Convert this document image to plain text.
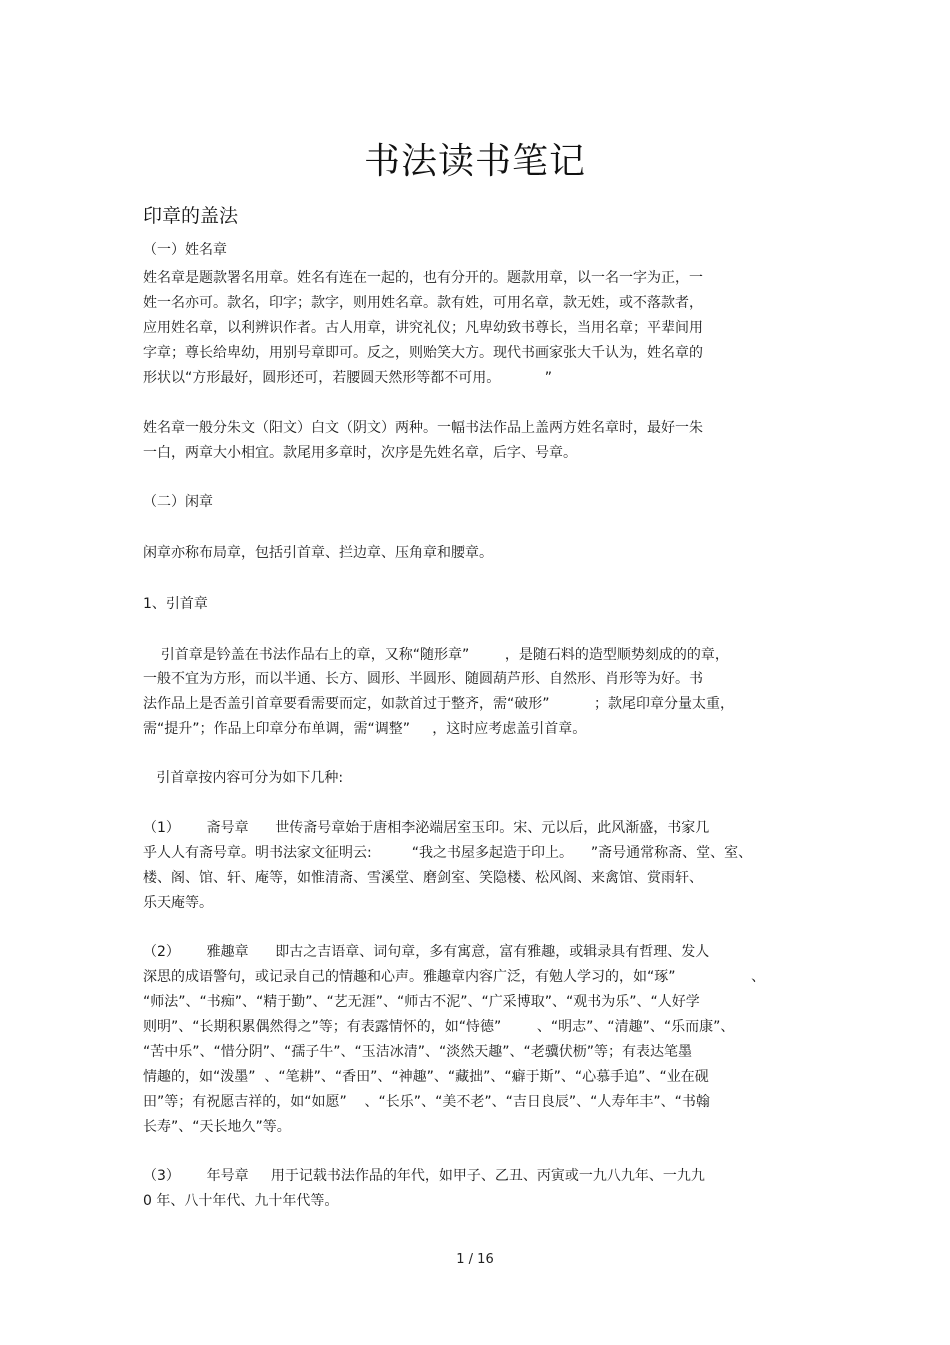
书法读书笔记
印章的盖法
（一）姓名章
姓名章是题款署名用章。姓名有连在一起的，也有分开的。题款用章，以一名一字为正，一
姓一名亦可。款名，印字；款字，则用姓名章。款有姓，可用名章，款无姓，或不落款者，
应用姓名章，以利辨识作者。古人用章，讲究礼仪；凡卑幼致书尊长，当用名章；平辈间用
字章；尊长给卑幼，用别号章即可。反之，则贻笑大方。现代书画家张大千认为，姓名章的
形状以“方形最好，圆形还可，若腰圆天然形等都不可用。          ”
姓名章一般分朱文（阳文）白文（阴文）两种。一幅书法作品上盖两方姓名章时，最好一朱
一白，两章大小相宜。款尾用多章时，次序是先姓名章，后字、号章。
（二）闲章
闲章亦称布局章，包括引首章、拦边章、压角章和腰章。
1、引首章
引首章是钤盖在书法作品右上的章，又称“随形章”        ，是随石料的造型顺势刻成的的章，
一般不宜为方形，而以半通、长方、圆形、半圆形、随圆葫芦形、自然形、肖形等为好。书
法作品上是否盖引首章要看需要而定，如款首过于整齐，需“破形”          ；款尾印章分量太重，
需“提升”；作品上印章分布单调，需“调整”     ，这时应考虑盖引首章。
引首章按内容可分为如下几种:
（1）      斋号章      世传斋号章始于唐相李泌端居室玉印。宋、元以后，此风渐盛，书家几
乎人人有斋号章。明书法家文征明云:         “我之书屋多起造于印上。    ”斋号通常称斋、堂、室、
楼、阁、馆、轩、庵等，如惟清斋、雪溪堂、磨剑室、笑隐楼、松风阁、来禽馆、赏雨轩、
乐天庵等。
（2）      雅趣章      即古之吉语章、词句章，多有寓意，富有雅趣，或辑录具有哲理、发人
深思的成语警句，或记录自己的情趣和心声。雅趣章内容广泛，有勉人学习的，如“琢”                 、
“师法”、“书痴”、“精于勤”、“艺无涯”、“师古不泥”、“广采博取”、“观书为乐”、“人好学
则明”、“长期积累偶然得之”等；有表露情怀的，如“恃德”        、“明志”、“清趣”、“乐而康”、
“苦中乐”、“惜分阴”、“孺子牛”、“玉洁冰清”、“淡然天趣”、“老骥伏枥”等；有表达笔墨
情趣的，如“泼墨”  、“笔耕”、“香田”、“神趣”、“藏拙”、“癖于斯”、“心慕手追”、“业在砚
田”等；有祝愿吉祥的，如“如愿”    、“长乐”、“美不老”、“吉日良辰”、“人寿年丰”、“书翰
长寿”、“天长地久”等。
（3）      年号章     用于记载书法作品的年代，如甲子、乙丑、丙寅或一九八九年、一九九
0 年、八十年代、九十年代等。
1 / 16
